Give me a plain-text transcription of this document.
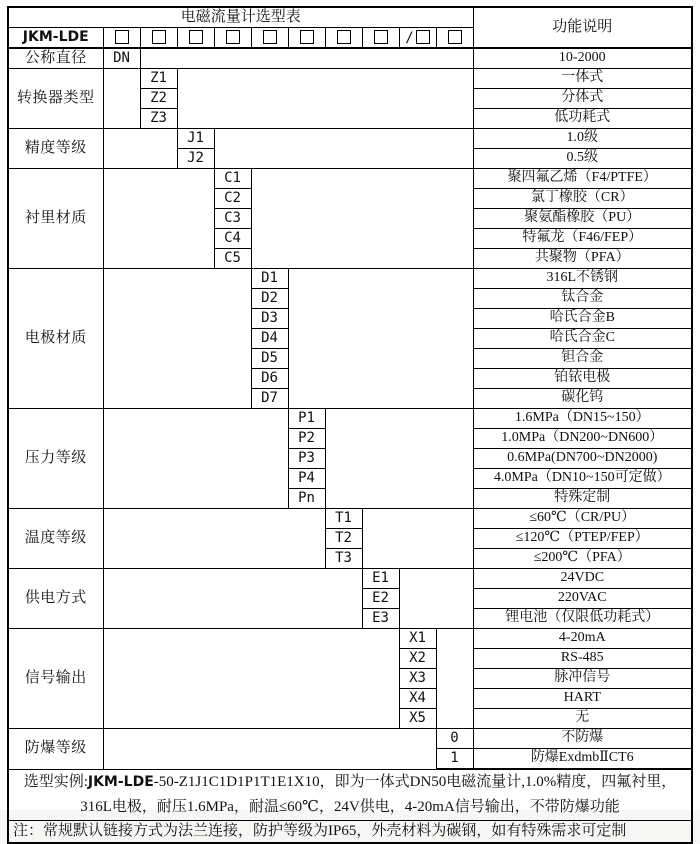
电磁流量计选型表											功能说明
JKM-LDE									/		
公称直径	DN										10-2000
转换器类型		Z1									一体式
		Z2									分体式
		Z3									低功耗式
精度等级			J1								1.0级
			J2								0.5级
衬里材质				C1							聚四氟乙烯（F4/PTFE）
				C2							氯丁橡胶（CR）
				C3							聚氨酯橡胶（PU）
				C4							特氟龙（F46/FEP）
				C5							共聚物（PFA）
电极材质					D1						316L不锈钢
					D2						钛合金
					D3						哈氏合金B
					D4						哈氏合金C
					D5						钽合金
					D6						铂铱电极
					D7						碳化钨
压力等级						P1					1.6MPa（DN15~150）
						P2					1.0MPa（DN200~DN600）
						P3					0.6MPa(DN700~DN2000)
						P4					4.0MPa（DN10~150可定做）
						Pn					特殊定制
温度等级							T1				≤60℃（CR/PU）
							T2				≤120℃（PTEP/FEP）
							T3				≤200℃（PFA）
供电方式								E1			24VDC
								E2			220VAC
								E3			锂电池（仅限低功耗式）
信号输出									X1		4-20mA
									X2		RS-485
									X3		脉冲信号
									X4		HART
									X5		无
防爆等级										0	不防爆
										1	防爆ExdmbⅡCT6

选型实例:JKM-LDE-50-Z1J1C1D1P1T1E1X10，即为一体式DN50电磁流量计,1.0%精度，四氟衬里，
316L电极，耐压1.6MPa，耐温≤60℃，24V供电，4-20mA信号输出，不带防爆功能											

注：常规默认链接方式为法兰连接，防护等级为IP65，外壳材料为碳钢，如有特殊需求可定制											
